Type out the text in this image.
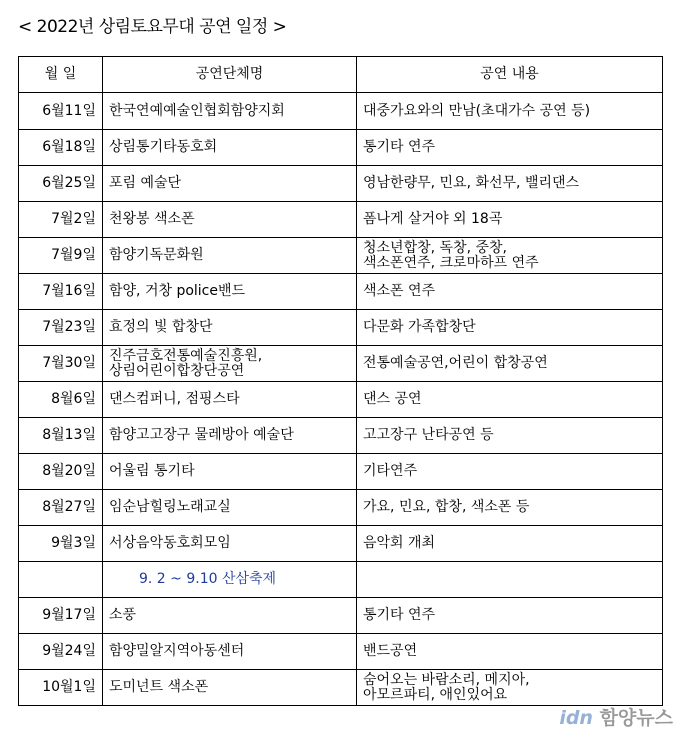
< 2022년 상림토요무대 공연 일정 >
월 일	공연단체명	공연 내용
6월11일	한국연예예술인협회함양지회	대중가요와의 만남(초대가수 공연 등)
6월18일	상림통기타동호회	통기타 연주
6월25일	포림 예술단	영남한량무, 민요, 화선무, 밸리댄스
7월2일	천왕봉 색소폰	폼나게 살거야 외 18곡
7월9일	함양기독문화원	청소년합창, 독창, 중창,
색소폰연주, 크로마하프 연주
7월16일	함양, 거창 police밴드	색소폰 연주
7월23일	효정의 빛 합창단	다문화 가족합창단
7월30일	진주금호전통예술진흥원,
상림어린이합창단공연	전통예술공연,어린이 합창공연
8월6일	댄스컴퍼니, 점핑스타	댄스 공연
8월13일	함양고고장구 물레방아 예술단	고고장구 난타공연 등
8월20일	어울림 통기타	기타연주
8월27일	임순남힐링노래교실	가요, 민요, 합창, 색소폰 등
9월3일	서상음악동호회모임	음악회 개최
	9. 2 ~ 9.10 산삼축제	
9월17일	소풍	통기타 연주
9월24일	함양밀알지역아동센터	밴드공연
10월1일	도미넌트 색소폰	숨어오는 바람소리, 메지아,
아모르파티, 애인있어요
idn 함양뉴스
